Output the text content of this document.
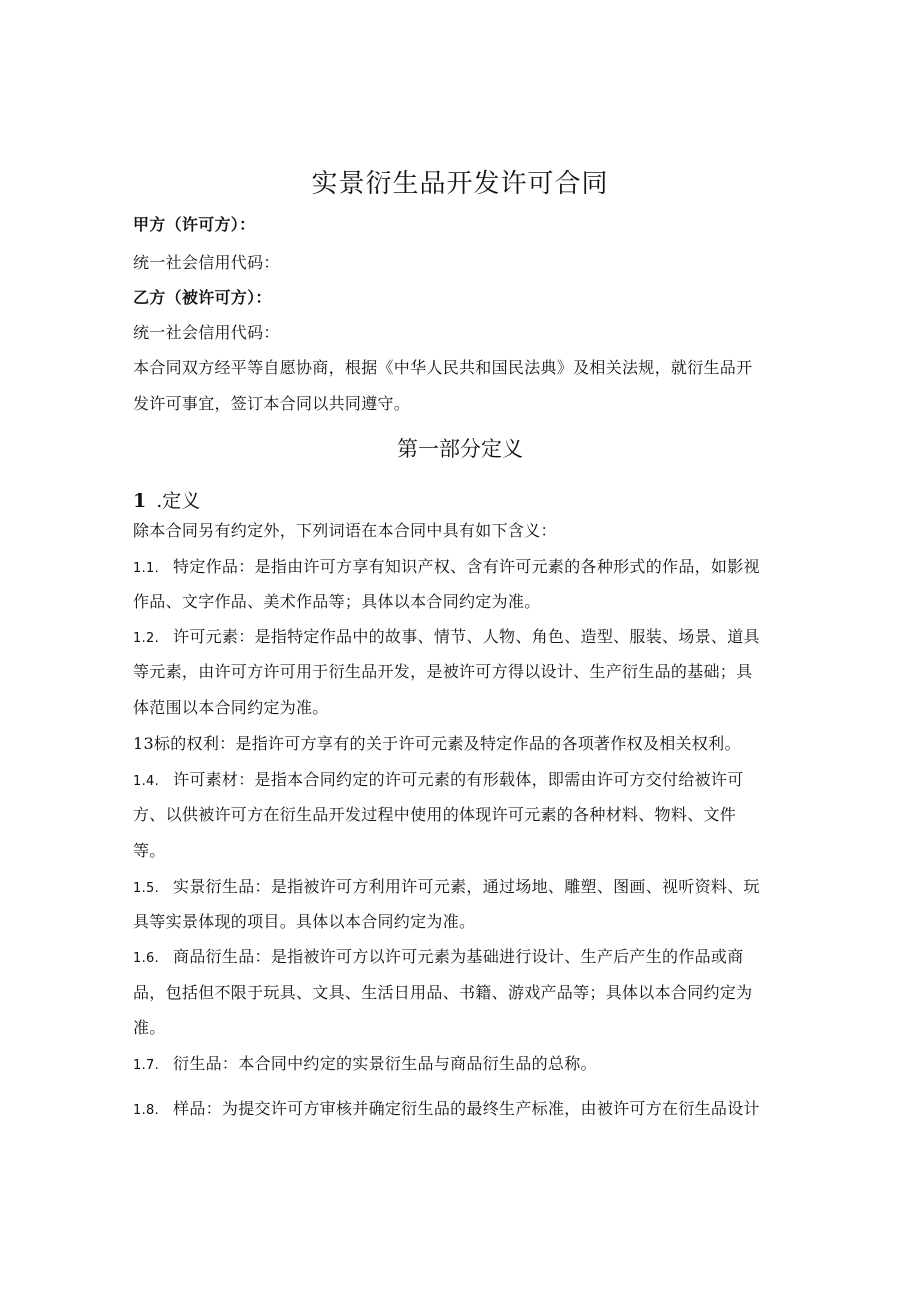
实景衍生品开发许可合同
甲方（许可方）：
统一社会信用代码：
乙方（被许可方）：
统一社会信用代码：
本合同双方经平等自愿协商，根据《中华人民共和国民法典》及相关法规，就衍生品开
发许可事宜，签订本合同以共同遵守。
第一部分定义
1 .定义
除本合同另有约定外，下列词语在本合同中具有如下含义：
1.1. 特定作品：是指由许可方享有知识产权、含有许可元素的各种形式的作品，如影视
作品、文字作品、美术作品等；具体以本合同约定为准。
1.2. 许可元素：是指特定作品中的故事、情节、人物、角色、造型、服装、场景、道具
等元素，由许可方许可用于衍生品开发，是被许可方得以设计、生产衍生品的基础；具
体范围以本合同约定为准。
13标的权利：是指许可方享有的关于许可元素及特定作品的各项著作权及相关权利。
1.4. 许可素材：是指本合同约定的许可元素的有形载体，即需由许可方交付给被许可
方、以供被许可方在衍生品开发过程中使用的体现许可元素的各种材料、物料、文件
等。
1.5. 实景衍生品：是指被许可方利用许可元素，通过场地、雕塑、图画、视听资料、玩
具等实景体现的项目。具体以本合同约定为准。
1.6. 商品衍生品：是指被许可方以许可元素为基础进行设计、生产后产生的作品或商
品，包括但不限于玩具、文具、生活日用品、书籍、游戏产品等；具体以本合同约定为
准。
1.7. 衍生品：本合同中约定的实景衍生品与商品衍生品的总称。
1.8. 样品：为提交许可方审核并确定衍生品的最终生产标准，由被许可方在衍生品设计
